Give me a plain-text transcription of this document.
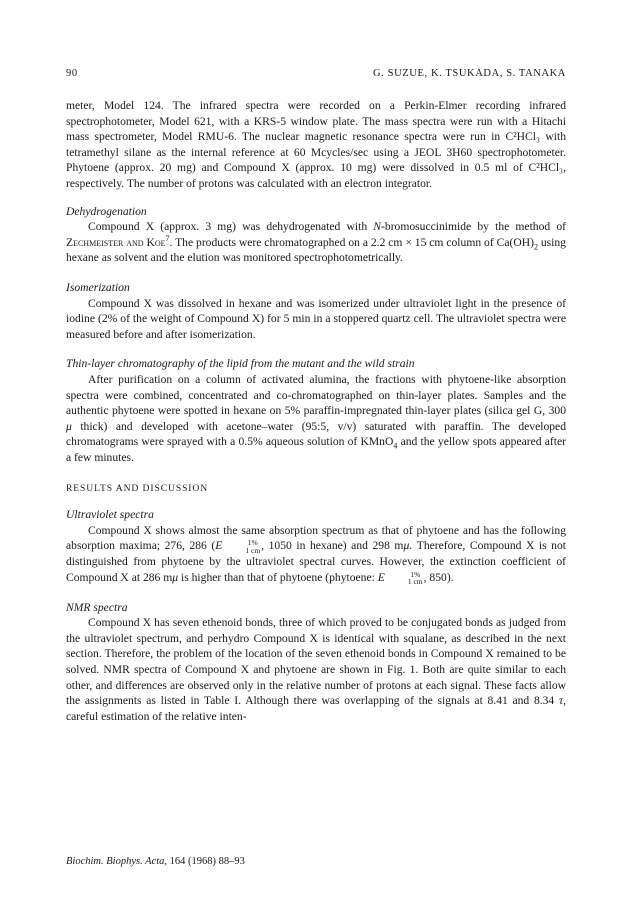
90	G. SUZUE, K. TSUKADA, S. TANAKA

meter, Model 124. The infrared spectra were recorded on a Perkin-Elmer recording infrared spectrophotometer, Model 621, with a KRS-5 window plate. The mass spectra were run with a Hitachi mass spectrometer, Model RMU-6. The nuclear magnetic resonance spectra were run in C²HCl₃ with tetramethyl silane as the internal reference at 60 Mcycles/sec using a JEOL 3H60 spectrophotometer. Phytoene (approx. 20 mg) and Compound X (approx. 10 mg) were dissolved in 0.5 ml of C²HCl₃, respectively. The number of protons was calculated with an electron integrator.

Dehydrogenation

Compound X (approx. 3 mg) was dehydrogenated with N-bromosuccinimide by the method of Zechmeister and Koe$^7$. The products were chromatographed on a 2.2 cm × 15 cm column of $Ca(OH)_2$ using hexane as solvent and the elution was monitored spectrophotometrically.

Isomerization

Compound X was dissolved in hexane and was isomerized under ultraviolet light in the presence of iodine (2% of the weight of Compound X) for 5 min in a stoppered quartz cell. The ultraviolet spectra were measured before and after isomerization.

Thin-layer chromatography of the lipid from the mutant and the wild strain

After purification on a column of activated alumina, the fractions with phytoene-like absorption spectra were combined, concentrated and co-chromatographed on thin-layer plates. Samples and the authentic phytoene were spotted in hexane on 5% paraffin-impregnated thin-layer plates (silica gel G, 300 μ thick) and developed with acetone–water (95:5, v/v) saturated with paraffin. The developed chromatograms were sprayed with a 0.5% aqueous solution of KMnO$_4$ and the yellow spots appeared after a few minutes.

RESULTS AND DISCUSSION

Ultraviolet spectra

Compound X shows almost the same absorption spectrum as that of phytoene and has the following absorption maxima; 276, 286 (E	1%
1 cm , 1050 in hexane) and 298 mμ. Therefore, Compound X is not distinguished from phytoene by the ultraviolet spectral curves. However, the extinction coefficient of Compound X at 286 mμ is higher than that of phytoene (phytoene: E	1%
1 cm , 850).

NMR spectra

Compound X has seven ethenoid bonds, three of which proved to be conjugated bonds as judged from the ultraviolet spectrum, and perhydro Compound X is identical with squalane, as described in the next section. Therefore, the problem of the location of the seven ethenoid bonds in Compound X remained to be solved. NMR spectra of Compound X and phytoene are shown in Fig. 1. Both are quite similar to each other, and differences are observed only in the relative number of protons at each signal. These facts allow the assignments as listed in Table I. Although there was overlapping of the signals at 8.41 and 8.34 τ, careful estimation of the relative inten-

Biochim. Biophys. Acta, 164 (1968) 88–93
